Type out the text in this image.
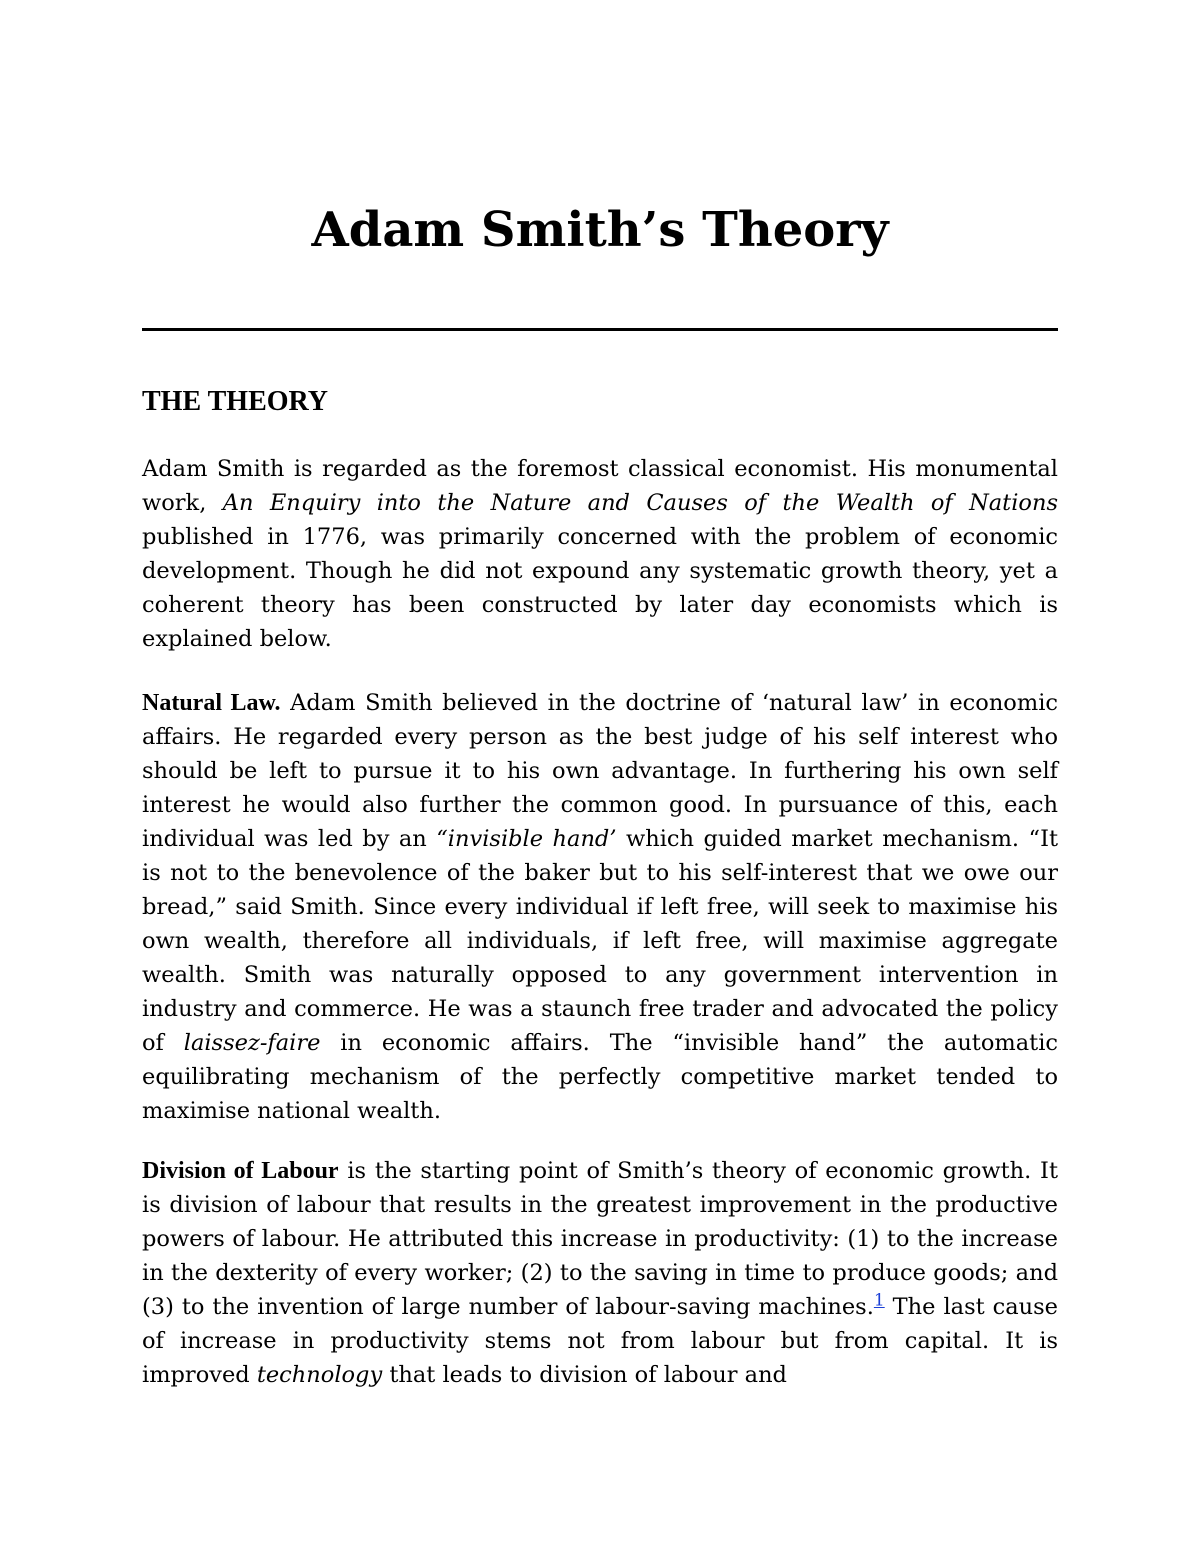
Adam Smith’s Theory
THE THEORY

Adam Smith is regarded as the foremost classical economist. His monumental work, An Enquiry into the Nature and Causes of the Wealth of Nations published in 1776, was primarily concerned with the problem of economic development. Though he did not expound any systematic growth theory, yet a coherent theory has been constructed by later day economists which is explained below.

Natural Law. Adam Smith believed in the doctrine of ‘natural law’ in economic affairs. He regarded every person as the best judge of his self interest who should be left to pursue it to his own advantage. In furthering his own self interest he would also further the common good. In pursuance of this, each individual was led by an “invisible hand’ which guided market mechanism. “It is not to the benevolence of the baker but to his self-interest that we owe our bread,” said Smith. Since every individual if left free, will seek to maximise his own wealth, therefore all individuals, if left free, will maximise aggregate wealth. Smith was naturally opposed to any government intervention in industry and commerce. He was a staunch free trader and advocated the policy of laissez-faire in economic affairs. The “invisible hand” the automatic equilibrating mechanism of the perfectly competitive market tended to maximise national wealth.

Division of Labour is the starting point of Smith’s theory of economic growth. It is division of labour that results in the greatest improvement in the productive powers of labour. He attributed this increase in productivity: (1) to the increase in the dexterity of every worker; (2) to the saving in time to produce goods; and (3) to the invention of large number of labour-saving machines.$^1$ The last cause of increase in productivity stems not from labour but from capital. It is improved technology that leads to division of labour and
